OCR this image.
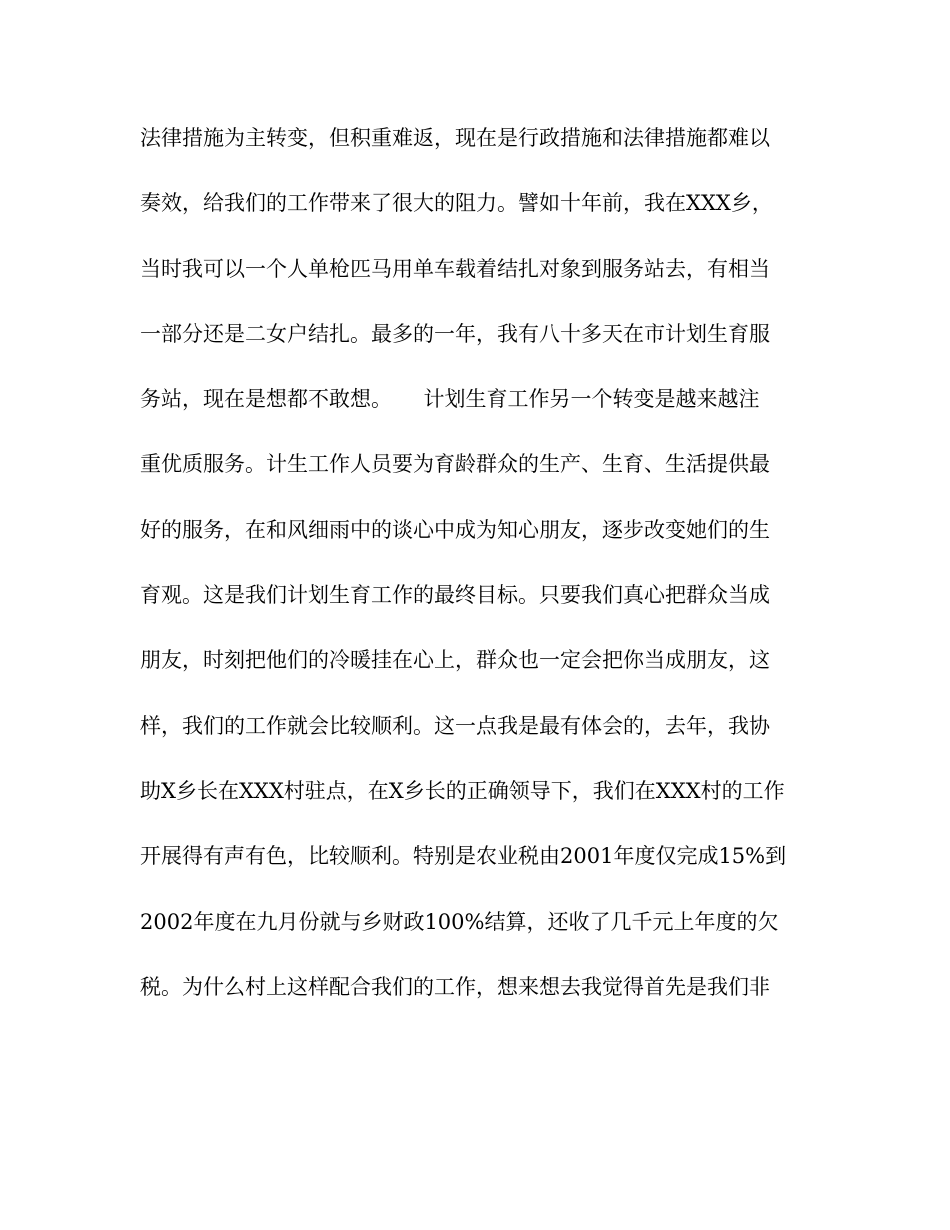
法律措施为主转变，但积重难返，现在是行政措施和法律措施都难以
奏效，给我们的工作带来了很大的阻力。譬如十年前，我在XXX乡，
当时我可以一个人单枪匹马用单车载着结扎对象到服务站去，有相当
一部分还是二女户结扎。最多的一年，我有八十多天在市计划生育服
务站，现在是想都不敢想。　　计划生育工作另一个转变是越来越注
重优质服务。计生工作人员要为育龄群众的生产、生育、生活提供最
好的服务，在和风细雨中的谈心中成为知心朋友，逐步改变她们的生
育观。这是我们计划生育工作的最终目标。只要我们真心把群众当成
朋友，时刻把他们的冷暖挂在心上，群众也一定会把你当成朋友，这
样，我们的工作就会比较顺利。这一点我是最有体会的，去年，我协
助X乡长在XXX村驻点，在X乡长的正确领导下，我们在XXX村的工作
开展得有声有色，比较顺利。特别是农业税由2001年度仅完成15%到
2002年度在九月份就与乡财政100%结算，还收了几千元上年度的欠
税。为什么村上这样配合我们的工作，想来想去我觉得首先是我们非
